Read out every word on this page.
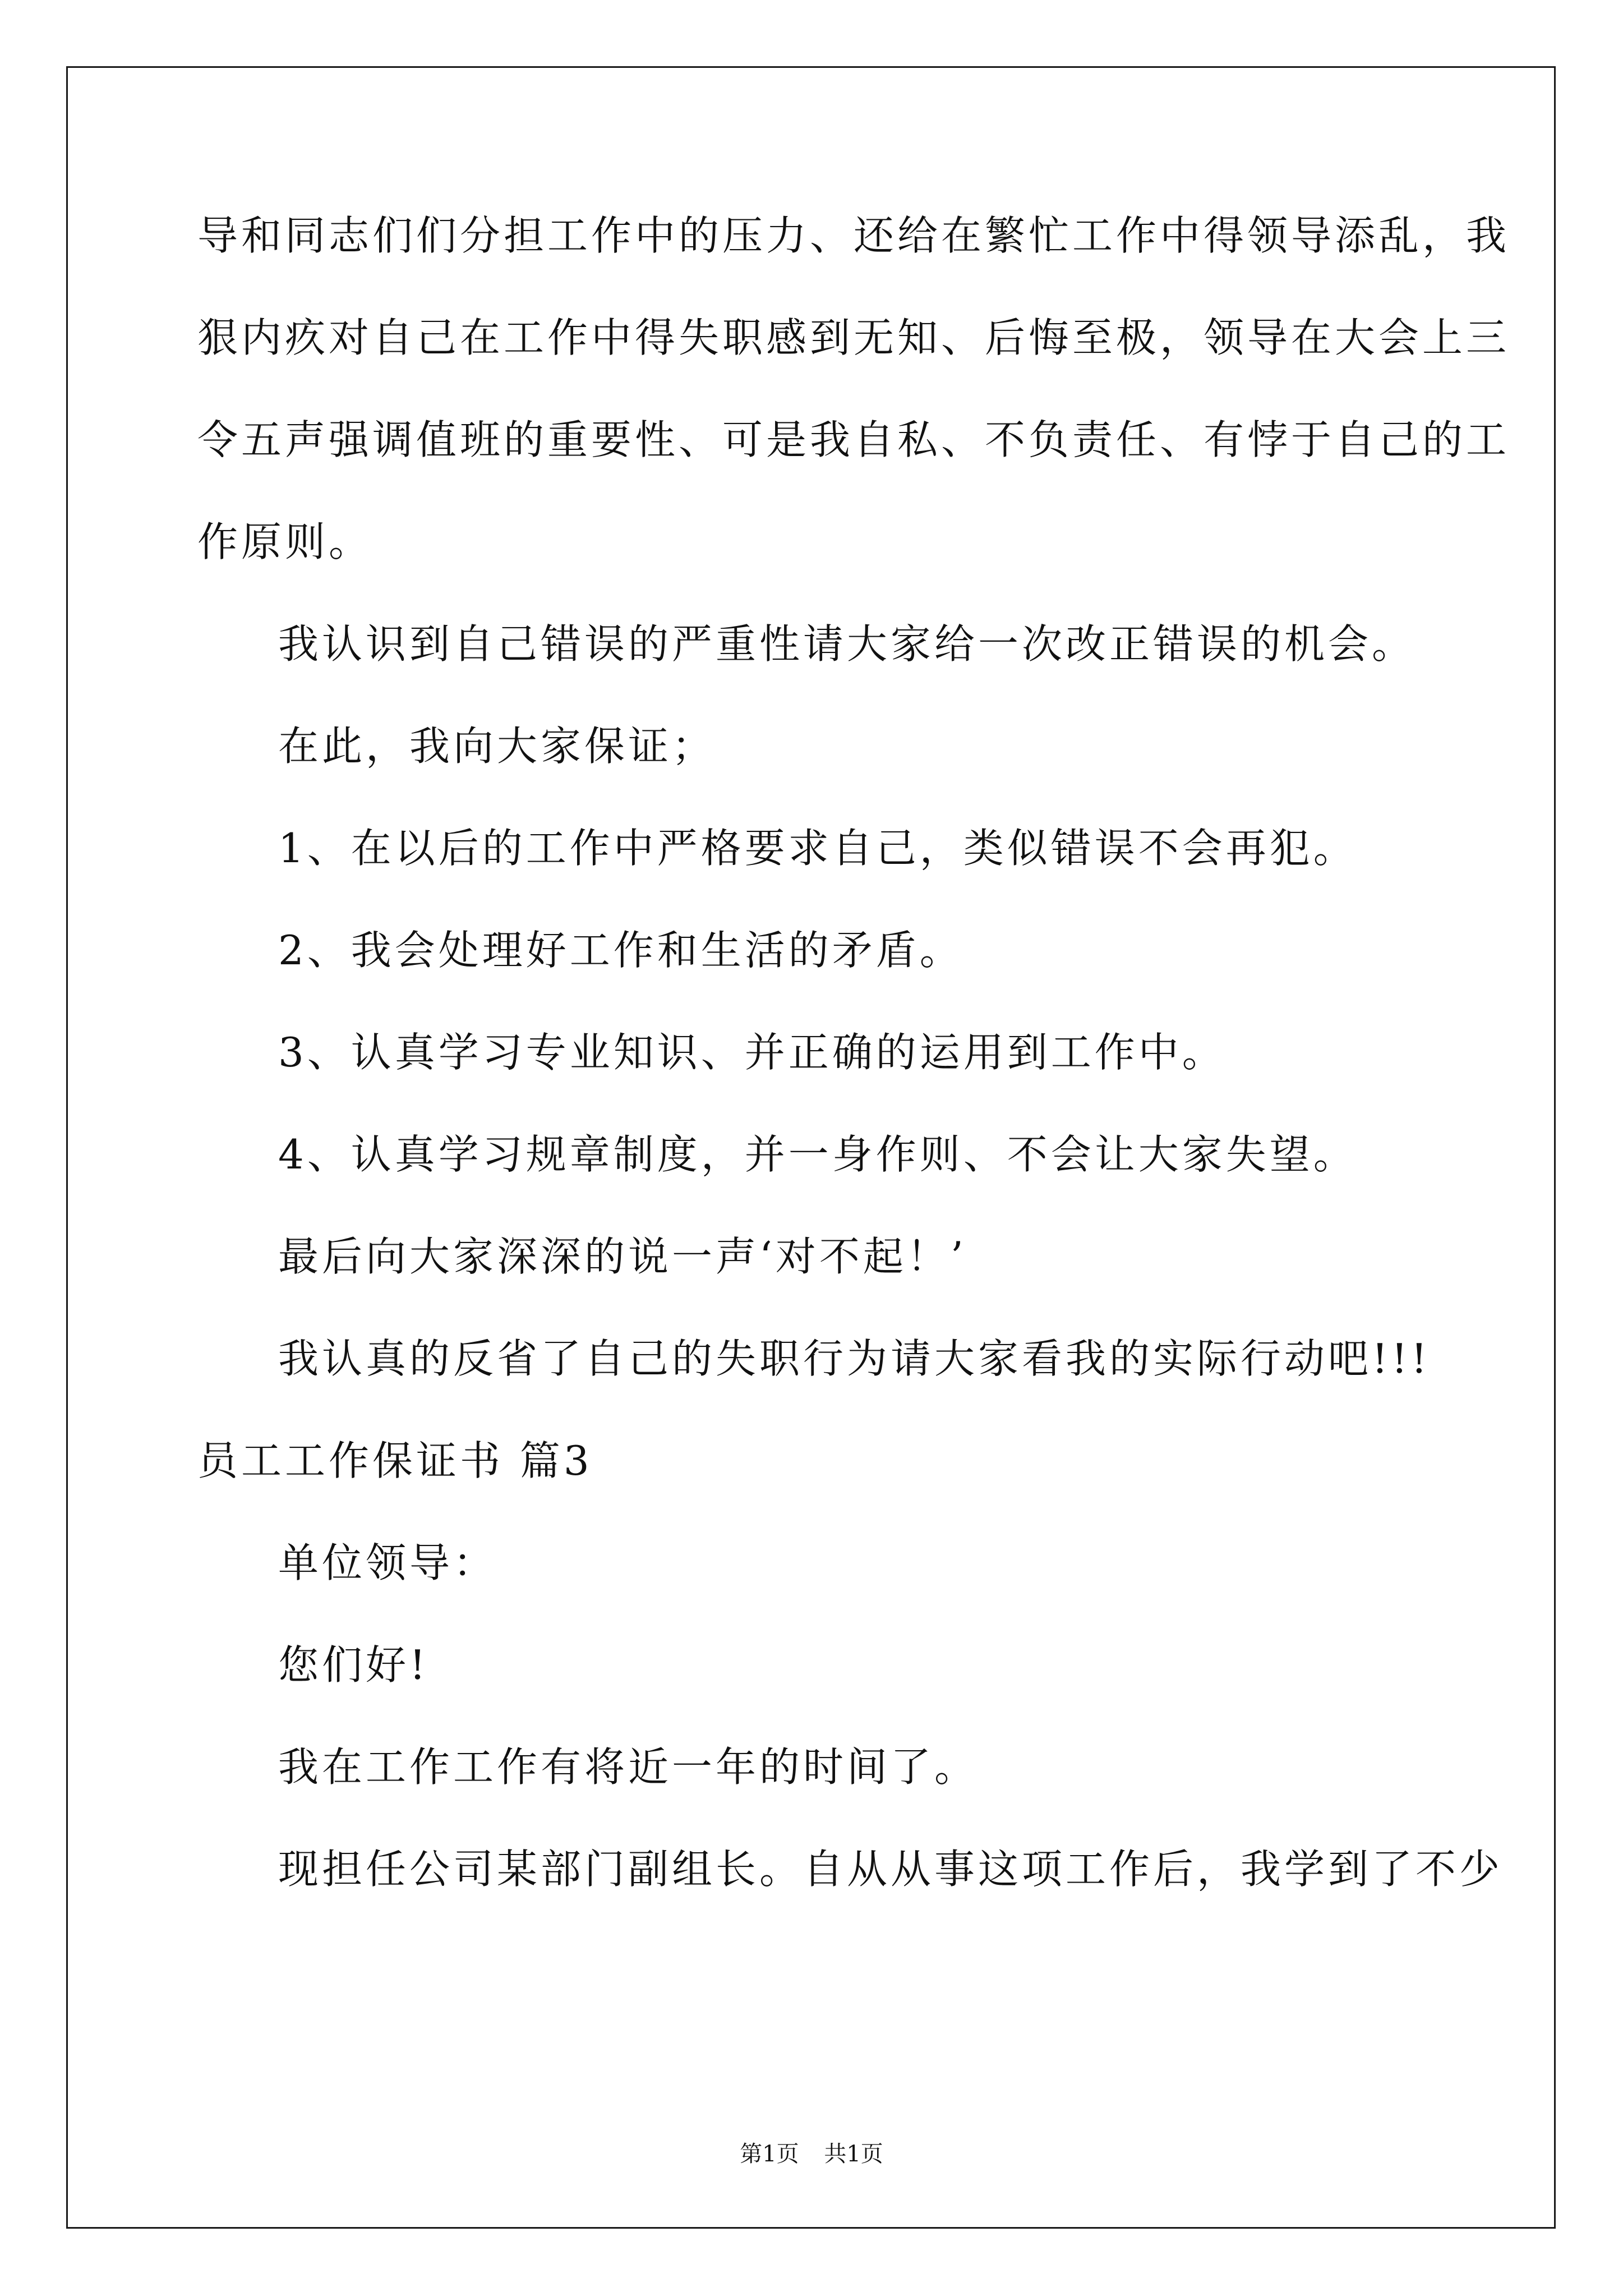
导和同志们们分担工作中的压力、还给在繁忙工作中得领导添乱，我
狠内疚对自己在工作中得失职感到无知、后悔至极，领导在大会上三
令五声强调值班的重要性、可是我自私、不负责任、有悖于自己的工
作原则。
我认识到自己错误的严重性请大家给一次改正错误的机会。
在此，我向大家保证；
1、在以后的工作中严格要求自己，类似错误不会再犯。
2、我会处理好工作和生活的矛盾。
3、认真学习专业知识、并正确的运用到工作中。
4、认真学习规章制度，并一身作则、不会让大家失望。
最后向大家深深的说一声‘对不起！’
我认真的反省了自己的失职行为请大家看我的实际行动吧!!!
员工工作保证书 篇3
单位领导：
您们好!
我在工作工作有将近一年的时间了。
现担任公司某部门副组长。自从从事这项工作后，我学到了不少
第1页 共1页
